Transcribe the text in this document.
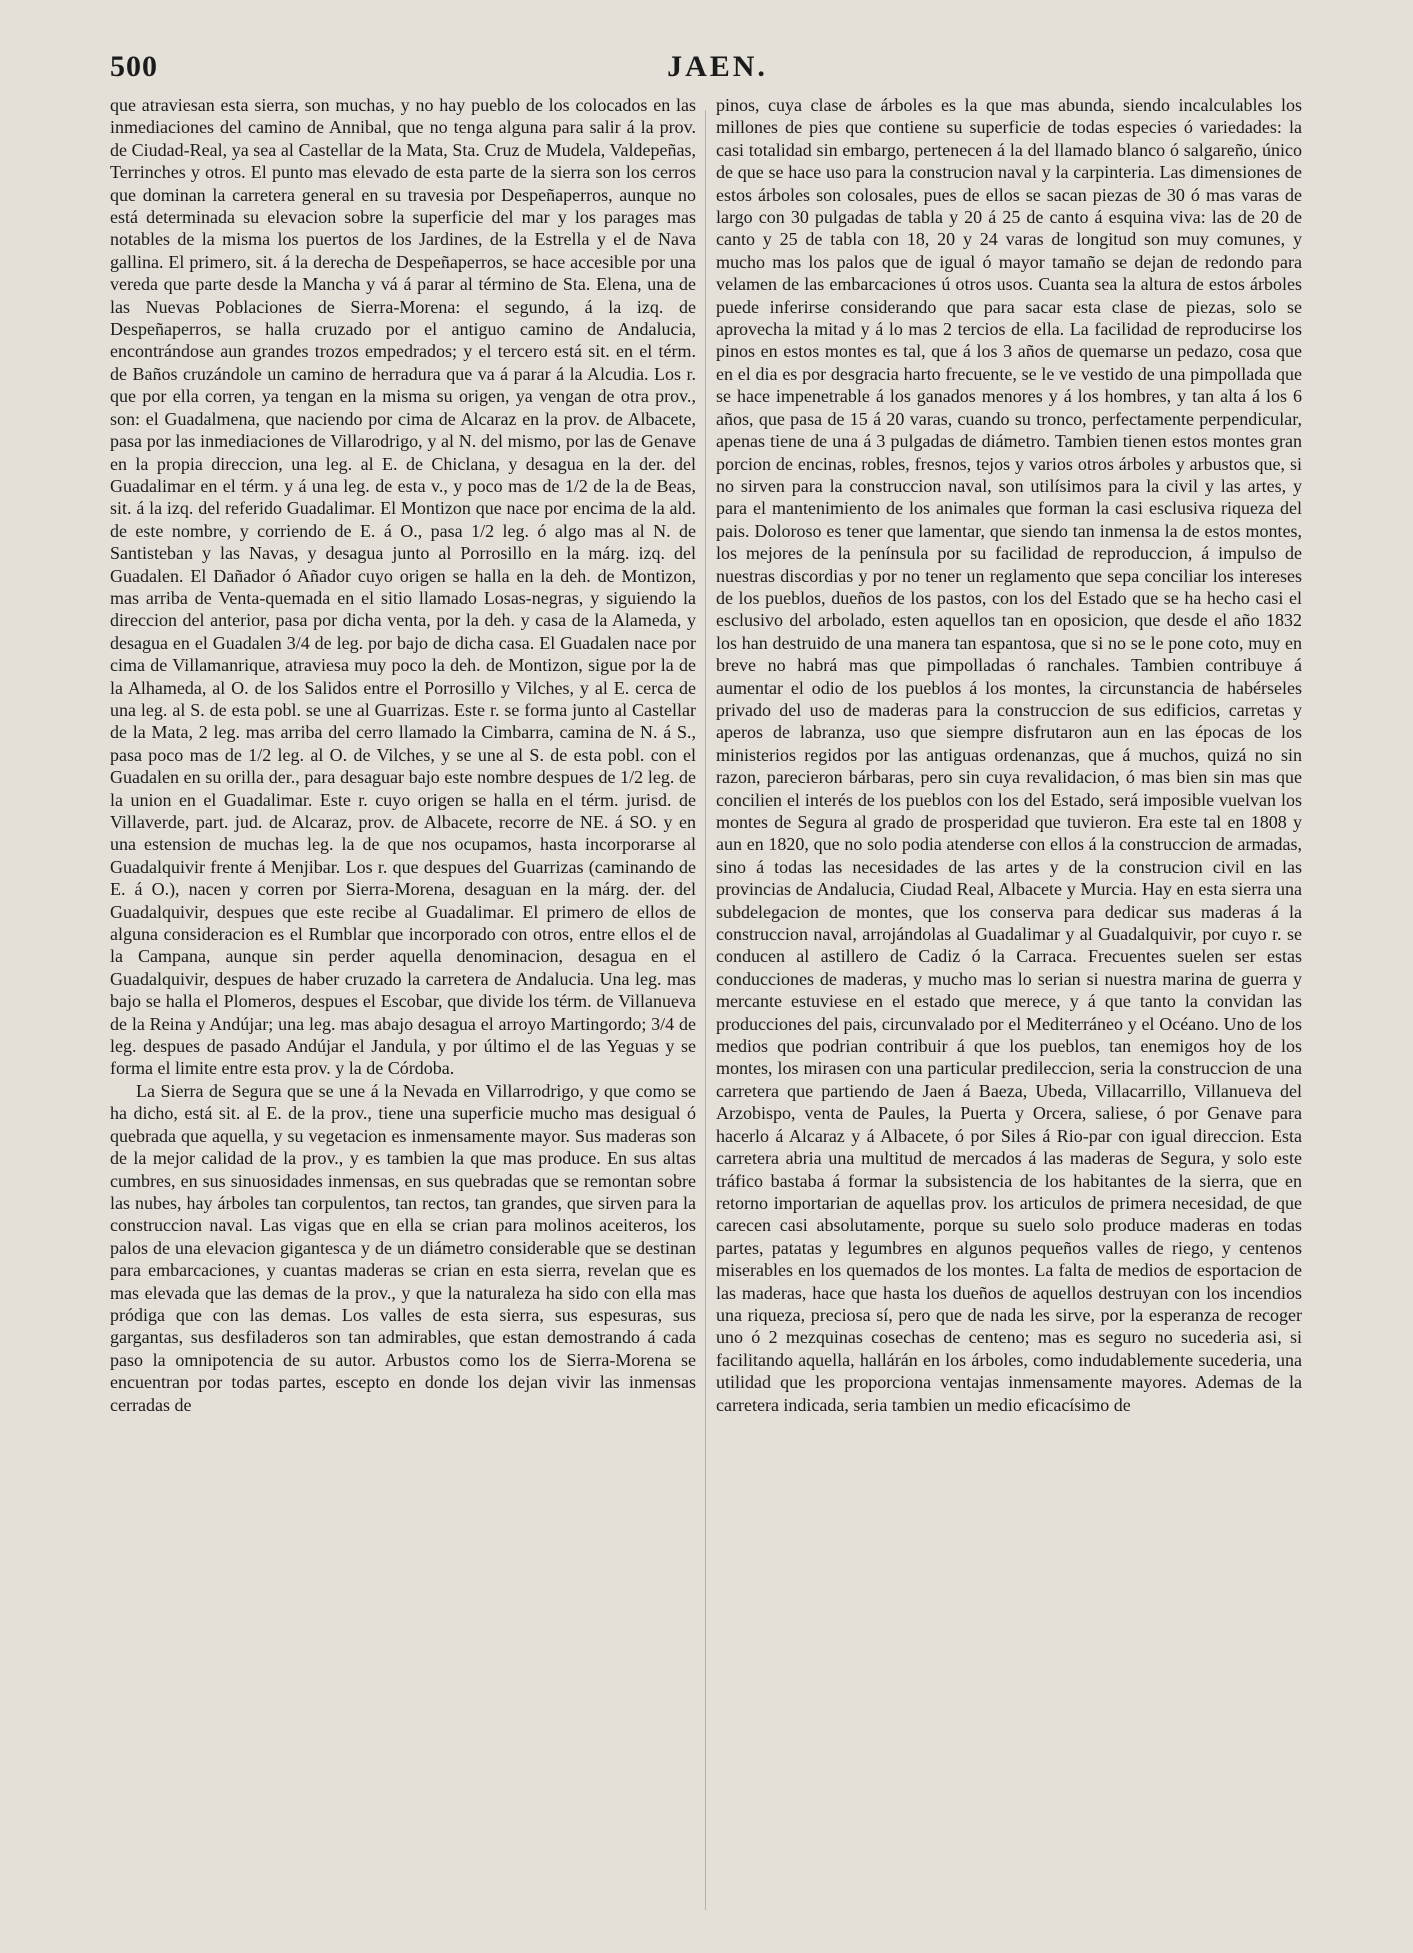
500	JAEN.

que atraviesan esta sierra, son muchas, y no hay pueblo de los colocados en las inmediaciones del camino de Annibal, que no tenga alguna para salir á la prov. de Ciudad-Real, ya sea al Castellar de la Mata, Sta. Cruz de Mudela, Valdepeñas, Terrinches y otros. El punto mas elevado de esta parte de la sierra son los cerros que dominan la carretera general en su travesia por Despeñaperros, aunque no está determinada su elevacion sobre la superficie del mar y los parages mas notables de la misma los puertos de los Jardines, de la Estrella y el de Nava gallina. El primero, sit. á la derecha de Despeñaperros, se hace accesible por una vereda que parte desde la Mancha y vá á parar al término de Sta. Elena, una de las Nuevas Poblaciones de Sierra-Morena: el segundo, á la izq. de Despeñaperros, se halla cruzado por el antiguo camino de Andalucia, encontrándose aun grandes trozos empedrados; y el tercero está sit. en el térm. de Baños cruzándole un camino de herradura que va á parar á la Alcudia. Los r. que por ella corren, ya tengan en la misma su origen, ya vengan de otra prov., son: el Guadalmena, que naciendo por cima de Alcaraz en la prov. de Albacete, pasa por las inmediaciones de Villarodrigo, y al N. del mismo, por las de Genave en la propia direccion, una leg. al E. de Chiclana, y desagua en la der. del Guadalimar en el térm. y á una leg. de esta v., y poco mas de 1/2 de la de Beas, sit. á la izq. del referido Guadalimar. El Montizon que nace por encima de la ald. de este nombre, y corriendo de E. á O., pasa 1/2 leg. ó algo mas al N. de Santisteban y las Navas, y desagua junto al Porrosillo en la márg. izq. del Guadalen. El Dañador ó Añador cuyo origen se halla en la deh. de Montizon, mas arriba de Venta-quemada en el sitio llamado Losas-negras, y siguiendo la direccion del anterior, pasa por dicha venta, por la deh. y casa de la Alameda, y desagua en el Guadalen 3/4 de leg. por bajo de dicha casa. El Guadalen nace por cima de Villamanrique, atraviesa muy poco la deh. de Montizon, sigue por la de la Alhameda, al O. de los Salidos entre el Porrosillo y Vilches, y al E. cerca de una leg. al S. de esta pobl. se une al Guarrizas. Este r. se forma junto al Castellar de la Mata, 2 leg. mas arriba del cerro llamado la Cimbarra, camina de N. á S., pasa poco mas de 1/2 leg. al O. de Vilches, y se une al S. de esta pobl. con el Guadalen en su orilla der., para desaguar bajo este nombre despues de 1/2 leg. de la union en el Guadalimar. Este r. cuyo origen se halla en el térm. jurisd. de Villaverde, part. jud. de Alcaraz, prov. de Albacete, recorre de NE. á SO. y en una estension de muchas leg. la de que nos ocupamos, hasta incorporarse al Guadalquivir frente á Menjibar. Los r. que despues del Guarrizas (caminando de E. á O.), nacen y corren por Sierra-Morena, desaguan en la márg. der. del Guadalquivir, despues que este recibe al Guadalimar. El primero de ellos de alguna consideracion es el Rumblar que incorporado con otros, entre ellos el de la Campana, aunque sin perder aquella denominacion, desagua en el Guadalquivir, despues de haber cruzado la carretera de Andalucia. Una leg. mas bajo se halla el Plomeros, despues el Escobar, que divide los térm. de Villanueva de la Reina y Andújar; una leg. mas abajo desagua el arroyo Martingordo; 3/4 de leg. despues de pasado Andújar el Jandula, y por último el de las Yeguas y se forma el limite entre esta prov. y la de Córdoba.

La Sierra de Segura que se une á la Nevada en Villarrodrigo, y que como se ha dicho, está sit. al E. de la prov., tiene una superficie mucho mas desigual ó quebrada que aquella, y su vegetacion es inmensamente mayor. Sus maderas son de la mejor calidad de la prov., y es tambien la que mas produce. En sus altas cumbres, en sus sinuosidades inmensas, en sus quebradas que se remontan sobre las nubes, hay árboles tan corpulentos, tan rectos, tan grandes, que sirven para la construccion naval. Las vigas que en ella se crian para molinos aceiteros, los palos de una elevacion gigantesca y de un diámetro considerable que se destinan para embarcaciones, y cuantas maderas se crian en esta sierra, revelan que es mas elevada que las demas de la prov., y que la naturaleza ha sido con ella mas pródiga que con las demas. Los valles de esta sierra, sus espesuras, sus gargantas, sus desfiladeros son tan admirables, que estan demostrando á cada paso la omnipotencia de su autor. Arbustos como los de Sierra-Morena se encuentran por todas partes, escepto en donde los dejan vivir las inmensas cerradas de

pinos, cuya clase de árboles es la que mas abunda, siendo incalculables los millones de pies que contiene su superficie de todas especies ó variedades: la casi totalidad sin embargo, pertenecen á la del llamado blanco ó salgareño, único de que se hace uso para la construcion naval y la carpinteria. Las dimensiones de estos árboles son colosales, pues de ellos se sacan piezas de 30 ó mas varas de largo con 30 pulgadas de tabla y 20 á 25 de canto á esquina viva: las de 20 de canto y 25 de tabla con 18, 20 y 24 varas de longitud son muy comunes, y mucho mas los palos que de igual ó mayor tamaño se dejan de redondo para velamen de las embarcaciones ú otros usos. Cuanta sea la altura de estos árboles puede inferirse considerando que para sacar esta clase de piezas, solo se aprovecha la mitad y á lo mas 2 tercios de ella. La facilidad de reproducirse los pinos en estos montes es tal, que á los 3 años de quemarse un pedazo, cosa que en el dia es por desgracia harto frecuente, se le ve vestido de una pimpollada que se hace impenetrable á los ganados menores y á los hombres, y tan alta á los 6 años, que pasa de 15 á 20 varas, cuando su tronco, perfectamente perpendicular, apenas tiene de una á 3 pulgadas de diámetro. Tambien tienen estos montes gran porcion de encinas, robles, fresnos, tejos y varios otros árboles y arbustos que, si no sirven para la construccion naval, son utilísimos para la civil y las artes, y para el mantenimiento de los animales que forman la casi esclusiva riqueza del pais. Doloroso es tener que lamentar, que siendo tan inmensa la de estos montes, los mejores de la península por su facilidad de reproduccion, á impulso de nuestras discordias y por no tener un reglamento que sepa conciliar los intereses de los pueblos, dueños de los pastos, con los del Estado que se ha hecho casi el esclusivo del arbolado, esten aquellos tan en oposicion, que desde el año 1832 los han destruido de una manera tan espantosa, que si no se le pone coto, muy en breve no habrá mas que pimpolladas ó ranchales. Tambien contribuye á aumentar el odio de los pueblos á los montes, la circunstancia de habérseles privado del uso de maderas para la construccion de sus edificios, carretas y aperos de labranza, uso que siempre disfrutaron aun en las épocas de los ministerios regidos por las antiguas ordenanzas, que á muchos, quizá no sin razon, parecieron bárbaras, pero sin cuya revalidacion, ó mas bien sin mas que concilien el interés de los pueblos con los del Estado, será imposible vuelvan los montes de Segura al grado de prosperidad que tuvieron. Era este tal en 1808 y aun en 1820, que no solo podia atenderse con ellos á la construccion de armadas, sino á todas las necesidades de las artes y de la construcion civil en las provincias de Andalucia, Ciudad Real, Albacete y Murcia. Hay en esta sierra una subdelegacion de montes, que los conserva para dedicar sus maderas á la construccion naval, arrojándolas al Guadalimar y al Guadalquivir, por cuyo r. se conducen al astillero de Cadiz ó la Carraca. Frecuentes suelen ser estas conducciones de maderas, y mucho mas lo serian si nuestra marina de guerra y mercante estuviese en el estado que merece, y á que tanto la convidan las producciones del pais, circunvalado por el Mediterráneo y el Océano. Uno de los medios que podrian contribuir á que los pueblos, tan enemigos hoy de los montes, los mirasen con una particular predileccion, seria la construccion de una carretera que partiendo de Jaen á Baeza, Ubeda, Villacarrillo, Villanueva del Arzobispo, venta de Paules, la Puerta y Orcera, saliese, ó por Genave para hacerlo á Alcaraz y á Albacete, ó por Siles á Rio-par con igual direccion. Esta carretera abria una multitud de mercados á las maderas de Segura, y solo este tráfico bastaba á formar la subsistencia de los habitantes de la sierra, que en retorno importarian de aquellas prov. los articulos de primera necesidad, de que carecen casi absolutamente, porque su suelo solo produce maderas en todas partes, patatas y legumbres en algunos pequeños valles de riego, y centenos miserables en los quemados de los montes. La falta de medios de esportacion de las maderas, hace que hasta los dueños de aquellos destruyan con los incendios una riqueza, preciosa sí, pero que de nada les sirve, por la esperanza de recoger uno ó 2 mezquinas cosechas de centeno; mas es seguro no sucederia asi, si facilitando aquella, hallárán en los árboles, como indudablemente sucederia, una utilidad que les proporciona ventajas inmensamente mayores. Ademas de la carretera indicada, seria tambien un medio eficacísimo de
